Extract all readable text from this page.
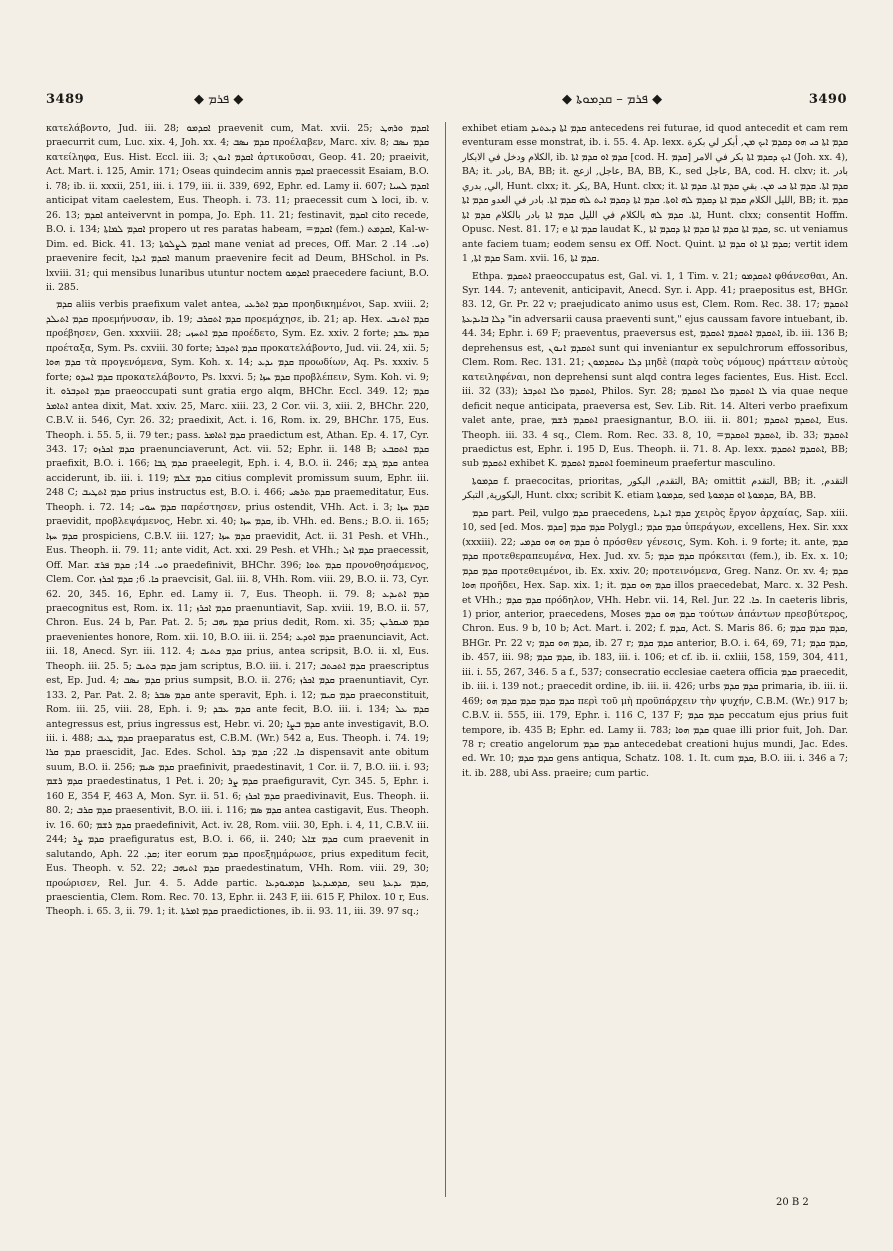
3489	◆ ܦܪܡ ◆	◆ ܦܪܡ – ܩܕܡܘܬܐ ◆	3490

κατελάβοντο, Jud. iii. 28; ܐܩܕܡܘ praevenit cum, Mat. xvii. 25; ܐܩܕܡ ܘܪܗܛ praecurrit cum, Luc. xix. 4, Joh. xx. 4; ܩܕܡ ܢܣܒ προέλαβεν, Marc. xiv. 8; ܩܕܡ ܢܣܒ κατείληφα, Eus. Hist. Eccl. iii. 3; ܐܩܕܡ ܐܢܘܢ ἀρτικοῦσαι, Geop. 41. 20; praeivit, Act. Mart. i. 125, Amir. 171; Oseas quindecim annis ܐܩܕܡ praecessit Esaiam, B.O. i. 78; ib. ii. xxxii, 251, iii. i. 179, iii. ii. 339, 692, Ephr. ed. Lamy ii. 607; ܐܩܕܡ ܠܚܝܐ anticipat vitam caelestem, Eus. Theoph. i. 73. 11; praecessit cum ܠ loci, ib. v. 26. 13; ܐܩܕܡ anteivervnt in pompa, Jo. Eph. 11. 21; festinavit, ܐܩܕܡ cito recede, B.O. i. 134; ܐܩܕܡ ܠܡܐܬܐ propero ut res paratas habeam, =ܐܩܕܡ (fem.) ܐܩܕܡܬ, Kal-w-Dim. ed. Bick. 41. 13; ܐܩܕܡ ܠܨܠܘܬܐ mane veniat ad preces, Off. Mar. ܘܝ. 14. 2) praevenire fecit, ܐܩܕܡ ܐܝܕܐ manum praevenire fecit ad Deum, BHSchol. in Ps. lxviii. 31; qui mensibus lunaribus utuntur noctem ܐܩܕܡܘ praecedere faciunt, B.O. ii. 285.

ܩܕܡ aliis verbis praefixum valet antea, ܩܕܡ ܐܬܪܥܝ προηδικημένοι, Sap. xviii. 2; ܩܕܡ ܐܬܝܠܕ προεμήνυσαν, ib. 19; ܩܕܡ ܐܬܩܪܒ προεμάχησε, ib. 21; ap. Hex. ܩܕܡ ܐܬܢܒܝ προέβησεν, Gen. xxxviii. 28; ܩܕܡ ܐܬܚܙܝ προέδετο, Sym. Ez. xxiv. 2 forte; ܩܕܡ ܥܒܕ προέταξα, Sym. Ps. cxviii. 30 forte; ܩܕܡ ܐܬܕܒܪ προκατελάβοντο, Jud. vii. 24, xii. 5; ܩܕܡ ܗܘܐ τὰ προγενόμενα, Sym. Koh. x. 14; ܩܕܡ ܝܕܥ προωδίων, Aq. Ps. xxxiv. 5 forte; ܩܕܡ ܐܚܕܘ προκατελάβοντο, Ps. lxxvi. 5; ܩܕܡ ܚܙܐ προβλέπειν, Sym. Koh. vi. 9; it. ܩܕܡ ܐܬܕܒܪܘ praeoccupati sunt gratia ergo alqm, BHChr. Eccl. 349. 12; ܩܕܡ ܐܬܐܡܪ antea dixit, Mat. xxiv. 25, Marc. xiii. 23, 2 Cor. vii. 3, xiii. 2, BHChr. 220, C.B.V. ii. 546, Cyr. 26. 32; praedixit, Act. i. 16, Rom. ix. 29, BHChr. 175, Eus. Theoph. i. 55. 5, ii. 79 ter.; pass. ܩܕܡ ܐܬܐܡܪ praedictum est, Athan. Ep. 4. 17, Cyr. 343. 17; ܩܕܡ ܐܟܪܙܘ praenunciaverunt, Act. vii. 52; Ephr. ii. 148 B; ܩܕܡ ܐܬܩܒܥ praefixit, B.O. i. 166; ܩܕܡ ܓܒܐ praeelegit, Eph. i. 4, B.O. ii. 246; ܩܕܡ ܓܕܫ antea acciderunt, ib. iii. i. 119; ܩܕܡ ܫܠܡ citius complevit promissum suum, Ephr. iii. 248 C; ܩܕܡ ܐܬܛܝܒ prius instructus est, B.O. i. 466; ܩܕܡ ܬܪܣܝ praemeditatur, Eus. Theoph. i. 72. 14; ܩܕܡ ܚܘܝ παρέστησεν, prius ostendit, VHh. Act. i. 3; ܩܕܡ ܚܙܐ praevidit, προβλεψάμενος, Hebr. xi. 40; ܩܕܡ ܚܙܐ, ib. VHh. ed. Bens.; B.O. ii. 165; ܩܕܡ ܚܙܐ prospiciens, C.B.V. iii. 127; ܩܕܡ ܚܙܐ praevidit, Act. ii. 31 Pesh. et VHh., Eus. Theoph. ii. 79. 11; ante vidit, Act. xxi. 29 Pesh. et VHh.; ܩܕܡ ܐܙܠ praecessit, Off. Mar. ܘܝ. 14; ܩܕܡ ܦܪܫ praedefinivit, BHChr. 396; ܩܕܡ ܬܘܐ προνοθησάμενος, Clem. Cor. ܟܐ. 6; ܩܕܡ ܐܟܪܙ praevcisit, Gal. iii. 8, VHh. Rom. viii. 29, B.O. ii. 73, Cyr. 62. 20, 345. 16, Ephr. ed. Lamy ii. 7, Eus. Theoph. ii. 79. 8; ܩܕܡ ܐܬܝܕܥ praecognitus est, Rom. ix. 11; ܩܕܡ ܐܟܪܙ praenuntiavit, Sap. xviii. 19, B.O. ii. 57, Chron. Eus. 24 b, Par. Pat. 2. 5; ܩܕܡ ܝܗܒ prius dedit, Rom. xi. 35; ܩܕܡ ܡܝܩܪܝܢ praevenientes honore, Rom. xii. 10, B.O. iii. ii. 254; ܩܕܡ ܐܘܕܥ praenunciavit, Act. iii. 18, Anecd. Syr. iii. 112. 4; ܩܕܡ ܟܬܝܒ prius, antea scripsit, B.O. ii. xl, Eus. Theoph. iii. 25. 5; ܩܕܡ ܟܬܝܒ jam scriptus, B.O. iii. i. 217; ܩܕܡ ܐܬܟܬܒ praescriptus est, Ep. Jud. 4; ܩܕܡ ܢܣܒ prius sumpsit, B.O. ii. 276; ܩܕܡ ܐܟܪܙ praenuntiavit, Cyr. 133. 2, Par. Pat. 2. 8; ܩܕܡ ܣܒܪ ante speravit, Eph. i. 12; ܩܕܡ ܩܝܡ praeconstituit, Rom. iii. 25, viii. 28, Eph. i. 9; ܩܕܡ ܥܒܕ ante fecit, B.O. iii. i. 134; ܩܕܡ ܥܠ antegressus est, prius ingressus est, Hebr. vi. 20; ܩܕܡ ܒܨܐ ante investigavit, B.O. iii. i. 488; ܩܕܡ ܛܝܒ praeparatus est, C.B.M. (Wr.) 542 a, Eus. Theoph. i. 74. 19; ܩܕܡ ܩܪܐ praescidit, Jac. Edes. Schol. ܟܐ. 22; ܩܕܡ ܕܒܪ dispensavit ante obitum suum, B.O. ii. 256; ܩܕܡ ܣܝܡ praefinivit, praedestinavit, 1 Cor. ii. 7, B.O. iii. i. 93; ܩܕܡ ܪܫܡ praedestinatus, 1 Pet. i. 20; ܩܕܡ ܨܪ praefiguravit, Cyr. 345. 5, Ephr. i. 160 E, 354 F, 463 A, Mon. Syr. ii. 51. 6; ܩܕܡ ܐܟܪܙ praedivinavit, Eus. Theoph. ii. 80. 2; ܩܕܡ ܩܪܒ praesentivit, B.O. iii. i. 116; ܩܕܡ ܣܡ antea castigavit, Eus. Theoph. iv. 16. 60; ܩܕܡ ܪܫܡ praedefinivit, Act. iv. 28, Rom. viii. 30, Eph. i. 4, 11, C.B.V. iii. 244; ܩܕܡ ܨܪ praefiguratus est, B.O. i. 66, ii. 240; ܩܕܡ ܫܐܠ cum praevenit in salutando, Aph. ܩܕ. 22; iter eorum ܩܕܡ προεξημάρωσε, prius expeditum fecit, Eus. Theoph. v. 52. 22; ܩܕܡ ܐܬܝܗܒ praedestinatum, VHh. Rom. viii. 29, 30; προώρισεν, Rel. Jur. 4. 5. Adde partic. ܩܕܡܝܕܥܬܐ ܩܕܡܝܘܕܥܐ, seu ܩܕܡ ܝܕܥܬܐ, praescientia, Clem. Rom. Rec. 70. 13, Ephr. ii. 243 F, iii. 615 F, Philox. 10 r, Eus. Theoph. i. 65. 3, ii. 79. 1; it. ܩܕܡ ܐܡܪܬܐ praedictiones, ib. ii. 93. 11, iii. 39. 97 sq.;

exhibet etiam ܩܕܡ ܐܬܐ ܕܥܬܝܕ antecedens rei futurae, id quod antecedit et cam rem eventuram esse monstrat, ib. i. 55. 4. Ap. lexx. ܩܕܡ ܐܬܐ ܟܝ ܗܘ ܕܩܕܡ ܐܝܟ ܡܢ, أبكر لي بكرة الكلام ودخل في الابكار, ib. ܩܕܡ ܐܘ ܩܕܡ ܐܬܐ [cod. H. ܩܕܡ] ܐܝܟ ܕܩܕܡ ܐܬܐ بكر في الامر (Joh. xx. 4), BA; it. بادر, BA, BB; it. عاجل, ازعج, BA, BB, K., sed عاجل, BA, cod. H. clxv; it. بادر الي, بدري, Hunt. clxx; it. بكر, BA, Hunt. clxx; it. ܩܕܡ ܐܬܐ. ܩܕܡ ܐܬܐ ܟܝ ܡܢ. بقي ܩܕܡ ܐܬܐ. ܩܕܡ ܐܬܐ الليل الكلام ܩܕܡ ܐܬܐ ܕܩܕܡ ܠܗ ܐܘܬܐ. ܩܕܡ ܐܬܐ ܕܩܕܡ ܐܝܬ ܠܗ ܩܕܡ ܐܬܐ. بادر في العدو ܩܕܡ ܐܬܐ, BB; it. ܩܕܡ ܐܬܐ. ܩܕܡ ܠܗ بالكلام في الليل ܩܕܡ ܐܬܐ بادر بالكلام ܩܕܡ ܐܬܐ, Hunt. clxx; consentit Hoffm. Opusc. Nest. 81. 17; e ܩܕܡ ܐܬܐ laudat K., ܩܕܡ ܐܬܐ ܩܕܡ ܐܬܐ ܩܕܡ ܐܬܐ ܕܩܕܡ ܐܬܐ, sc. ut veniamus ante faciem tuam; eodem sensu ex Off. Noct. Quint. ܩܕܡ ܐܬܐ ܐܘ ܩܕܡ ܐܬܐ; vertit idem ܩܕܡ ܐܬܐ, 1 Sam. xvii. 16, ܩܕܡ ܐܬܐ.

Ethpa. ܐܬܩܕܡ praeoccupatus est, Gal. vi. 1, 1 Tim. v. 21; ܐܬܩܕܡܘ φθάνεσθαι, An. Syr. 144. 7; antevenit, anticipavit, Anecd. Syr. i. App. 41; praepositus est, BHGr. 83. 12, Gr. Pr. 22 v; praejudicato animo usus est, Clem. Rom. Rec. 38. 17; ܐܬܩܕܡ ܕܠܐ ܒܐܝܕܥܬܐ "in adversarii causa praeventi sunt," ejus caussam favore intuebant, ib. 44. 34; Ephr. i. 69 F; praeventus, praeversus est, ܐܬܩܕܡ ܐܬܩܕܡ ܐܬܩܕܡ, ib. iii. 136 B; deprehensus est, ܐܬܩܕܡ ܐܢܘܢ sunt qui inveniantur ex sepulchrorum effossoribus, Clem. Rom. Rec. 131. 21; ܕܠܐ ܢܬܩܕܡܘܢ μηδὲ (παρὰ τοὺς νόμους) πράττειν αὐτοὺς κατειληφέναι, non deprehensi sunt alqd contra leges facientes, Eus. Hist. Eccl. iii. 32 (33); ܐܬܩܕܡ ܘܠܐ ܐܬܕܒܪ, Philos. Syr. 28; ܠܐ ܐܬܩܕܡ ܘܠܐ ܐܬܩܕܡ via quae neque deficit neque anticipata, praeversa est, Sev. Lib. Rit. 14. Alteri verbo praefixum valet ante, prae, ܐܬܩܕܡ ܪܫܡ praesignantur, B.O. iii. ii. 801; ܐܬܩܕܡ ܐܬܩܕܡ, Eus. Theoph. iii. 33. 4 sq., Clem. Rom. Rec. 33. 8, 10, =ܐܬܩܕܡ ܐܬܩܕܡ, ib. 33; ܐܬܩܕܡ praedictus est, Ephr. i. 195 D, Eus. Theoph. ii. 71. 8. Ap. lexx. ܐܬܩܕܡ ܐܬܩܕܡ, BB; sub ܐܬܩܕܡ exhibet K. ܐܬܩܕܡ ܐܬܩܕܡ foemineum praefertur masculino.

ܩܕܡܘܬܐ f. praecocitas, prioritas, التقدم, البكور, BA; omittit التقدم, BB; it. التقدم, البكورية, التبكر, Hunt. clxx; scribit K. etiam ܩܕܡܘܬܐ, sed ܩܕܡܘܬܐ ܐܘ ܩܕܡܘܬܐ, BA, BB.

ܩܕܡ part. Peil, vulgo ܩܕܡ praecedens, ܩܕܡ ܐܝܕܝܐ χειρὸς ἔργον ἀρχαίας, Sap. xiii. 10, sed [ed. Mos. ܩܕܡ] ܩܕܡ ܩܕܡ Polygl.; ܩܕܡ ܩܕܡ ὑπεράγων, excellens, Hex. Sir. xxx (xxxiii). 22; ܩܕܡ ܗܘ ܗܘ ܩܕܡܝ ὁ πρόσθεν γένεσις, Sym. Koh. i. 9 forte; it. ante, ܩܕܡ ܩܕܡ προτεθεραπευμένα, Hex. Jud. xv. 5; ܩܕܡ ܩܕܡ πρόκειται (fem.), ib. Ex. x. 10; ܩܕܡ ܩܕܡ προτεθειμένοι, ib. Ex. xxiv. 20; προτεινόμενα, Greg. Nanz. Or. xv. 4; ܩܕܡ ܗܘܐ προῆδει, Hex. Sap. xix. 1; it. ܩܕܡ ܗܘ ܩܕܡ illos praecedebat, Marc. x. 32 Pesh. et VHh.; ܩܕܡ ܩܕܡ πρόδηλον, VHh. Hebr. vii. 14, Rel. Jur. ܟܐ. 22. In caeteris libris, 1) prior, anterior, praecedens, Moses ܩܕܡ ܗܘ ܩܕܡ τούτων ἁπάντων πρεσβύτερος, Chron. Eus. 9 b, 10 b; Act. Mart. i. 202; f. ܩܕܡ, Act. S. Maris 86. 6; ܩܕܡ ܩܕܡ ܩܕܡ, BHGr. Pr. 22 v; ܩܕܡ ܗܘ ܩܕܡ, ib. 27 r; ܩܕܡ ܩܕܡ anterior, B.O. i. 64, 69, 71; ܩܕܡ ܩܕܡ, ib. 457, iii. 98; ܩܕܡ ܩܕܡ, ib. 183, iii. i. 106; et cf. ib. ii. cxliii, 158, 159, 304, 411, iii. i. 55, 267, 346. 5 a f., 537; consecratio ecclesiae caetera officia ܩܕܡ praecedit, ib. iii. i. 139 not.; praecedit ordine, ib. iii. ii. 426; urbs ܩܕܡ ܩܕܡ primaria, ib. iii. ii. 469; ܩܕܡ ܩܕܡ ܩܕܡ ܩܕܡ ܗܘ περὶ τοῦ μὴ προϋπάρχειν τὴν ψυχήν, C.B.M. (Wr.) 917 b; C.B.V. ii. 555, iii. 179, Ephr. i. 116 C, 137 F; ܩܕܡ ܩܕܡ peccatum ejus prius fuit tempore, ib. 435 B; Ephr. ed. Lamy ii. 783; ܩܕܡ ܗܘܐ quae illi prior fuit, Joh. Dar. 78 r; creatio angelorum ܩܕܡ ܩܕܡ antecedebat creationi hujus mundi, Jac. Edes. ed. Wr. 10; ܩܕܡ ܩܕܡ gens antiqua, Schatz. 108. 1. It. cum ܩܕܡ, B.O. iii. i. 346 a 7; it. ib. 288, ubi Ass. praeire; cum partic.

20 B 2
